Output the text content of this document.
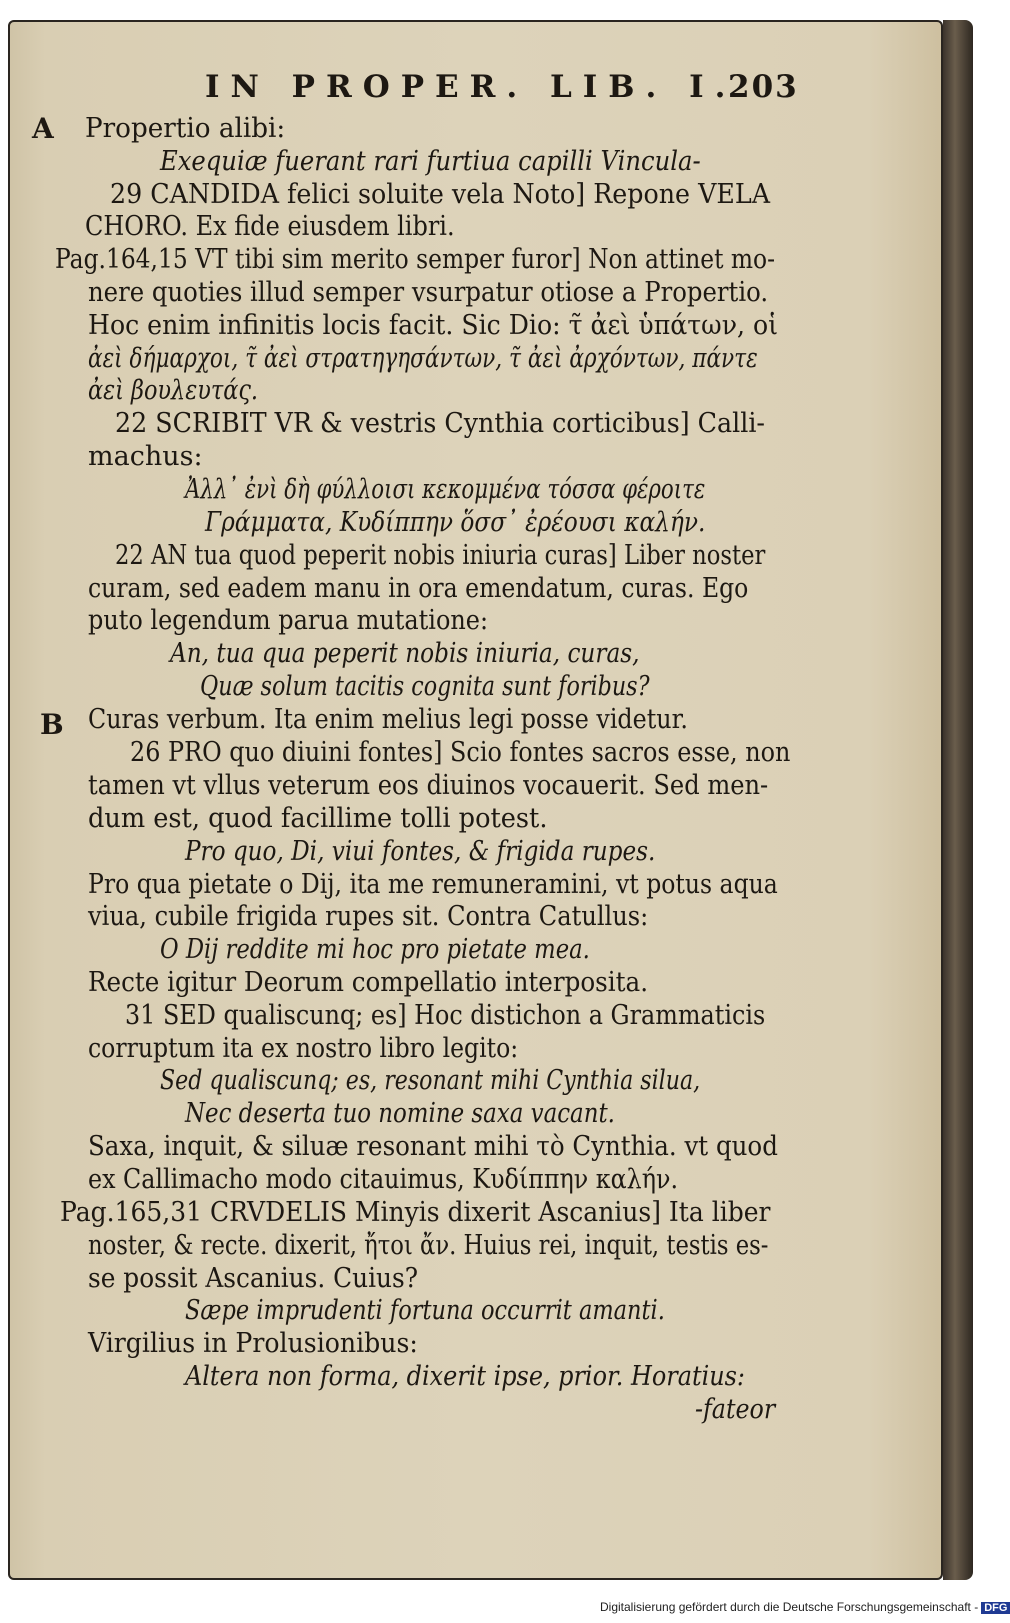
IN PROPER. LIB. I.
203
A
B
Propertio alibi:
Exequiæ fuerant rari furtiua capilli Vincula-
29 CANDIDA felici soluite vela Noto] Repone VELA
CHORO. Ex fide eiusdem libri.
Pag.164,15 VT tibi sim merito semper furor] Non attinet mo-
nere quoties illud semper vsurpatur otiose a Propertio.
Hoc enim infinitis locis facit. Sic Dio: τ̃ ἀεὶ ὑπάτων, οἱ
ἀεὶ δήμαρχοι, τ̃ ἀεὶ στρατηγησάντων, τ̃ ἀεὶ ἀρχόντων, πάντε
ἀεὶ βουλευτάς.
22 SCRIBIT VR & vestris Cynthia corticibus] Calli-
machus:
Ἀλλ᾽ ἐνὶ δὴ φύλλοισι κεκομμένα τόσσα φέροιτε
Γράμματα, Κυδίππην ὅσσ᾽ ἐρέουσι καλήν.
22 AN tua quod peperit nobis iniuria curas] Liber noster
curam, sed eadem manu in ora emendatum, curas. Ego
puto legendum parua mutatione:
An, tua qua peperit nobis iniuria, curas,
Quæ solum tacitis cognita sunt foribus?
Curas verbum. Ita enim melius legi posse videtur.
26 PRO quo diuini fontes] Scio fontes sacros esse, non
tamen vt vllus veterum eos diuinos vocauerit. Sed men-
dum est, quod facillime tolli potest.
Pro quo, Di, viui fontes, & frigida rupes.
Pro qua pietate o Dij, ita me remuneramini, vt potus aqua
viua, cubile frigida rupes sit. Contra Catullus:
O Dij reddite mi hoc pro pietate mea.
Recte igitur Deorum compellatio interposita.
31 SED qualiscunq; es] Hoc distichon a Grammaticis
corruptum ita ex nostro libro legito:
Sed qualiscunq; es, resonant mihi Cynthia silua,
Nec deserta tuo nomine saxa vacant.
Saxa, inquit, & siluæ resonant mihi τὸ Cynthia. vt quod
ex Callimacho modo citauimus, Κυδίππην καλήν.
Pag.165,31 CRVDELIS Minyis dixerit Ascanius] Ita liber
noster, & recte. dixerit, ἤτοι ἄν. Huius rei, inquit, testis es-
se possit Ascanius. Cuius?
Sæpe imprudenti fortuna occurrit amanti.
Virgilius in Prolusionibus:
Altera non forma, dixerit ipse, prior. Horatius:
-fateor
Digitalisierung gefördert durch die Deutsche Forschungsgemeinschaft - DFG
